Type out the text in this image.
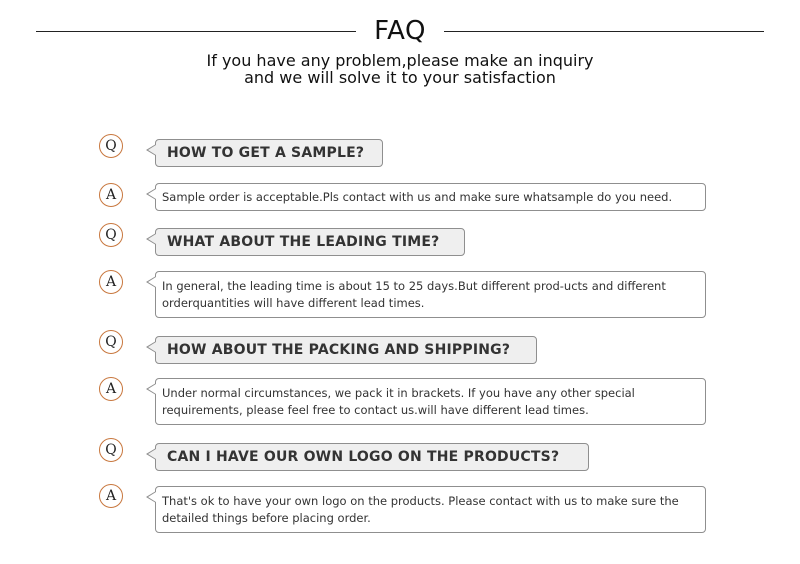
FAQ
If you have any problem,please make an inquiry
and we will solve it to your satisfaction
Q	HOW TO GET A SAMPLE?
A	Sample order is acceptable.Pls contact with us and make sure whatsample do you need.
Q	WHAT ABOUT THE LEADING TIME?
A	In general, the leading time is about 15 to 25 days.But different prod-ucts and different
orderquantities will have different lead times.
Q	HOW ABOUT THE PACKING AND SHIPPING?
A	Under normal circumstances, we pack it in brackets. If you have any other special
requirements, please feel free to contact us.will have different lead times.
Q	CAN I HAVE OUR OWN LOGO ON THE PRODUCTS?
A	That's ok to have your own logo on the products. Please contact with us to make sure the
detailed things before placing order.
